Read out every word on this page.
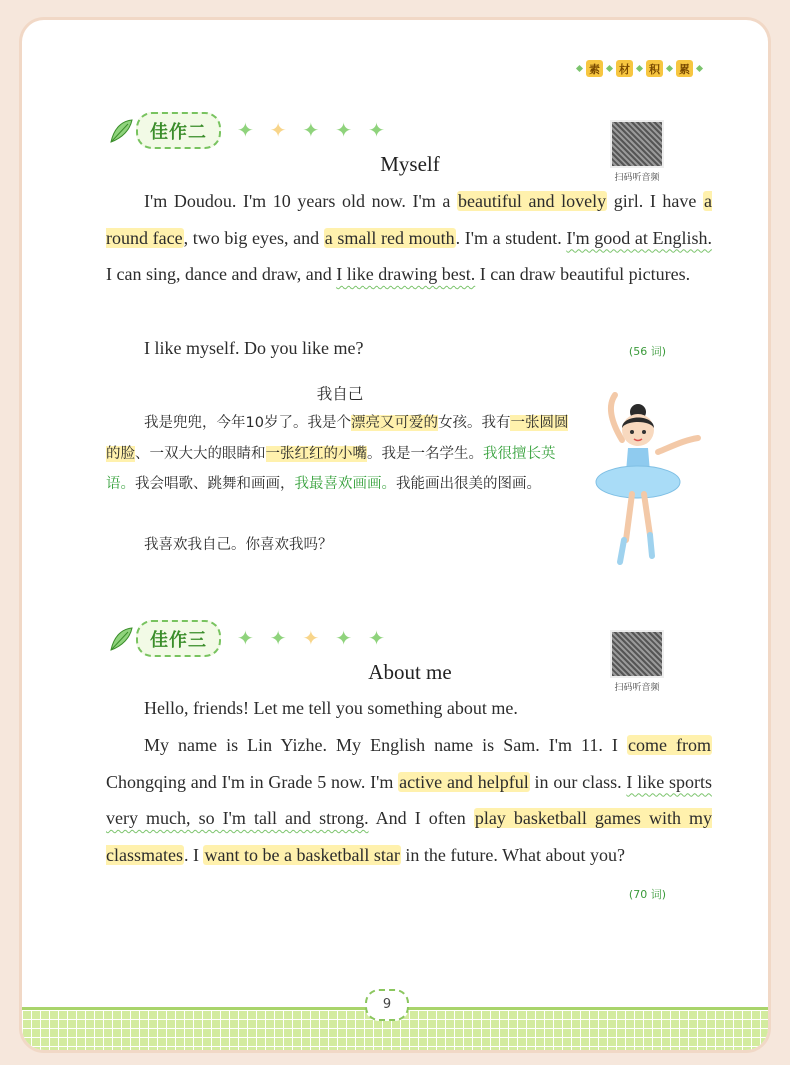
素 材 积 累
佳作二	✦ ✦ ✦ ✦ ✦
扫码听音频
Myself
I'm Doudou. I'm 10 years old now. I'm a beautiful and lovely girl. I have a round face, two big eyes, and a small red mouth. I'm a student. I'm good at English. I can sing, dance and draw, and I like drawing best. I can draw beautiful pictures.
I like myself. Do you like me?	(56 词)
我自己
我是兜兜，今年10岁了。我是个漂亮又可爱的女孩。我有一张圆圆的脸、一双大大的眼睛和一张红红的小嘴。我是一名学生。我很擅长英语。我会唱歌、跳舞和画画，我最喜欢画画。我能画出很美的图画。
我喜欢我自己。你喜欢我吗？
佳作三	✦ ✦ ✦ ✦ ✦
扫码听音频
About me
Hello, friends! Let me tell you something about me.
My name is Lin Yizhe. My English name is Sam. I'm 11. I come from Chongqing and I'm in Grade 5 now. I'm active and helpful in our class. I like sports very much, so I'm tall and strong. And I often play basketball games with my classmates. I want to be a basketball star in the future. What about you?
(70 词)
9
